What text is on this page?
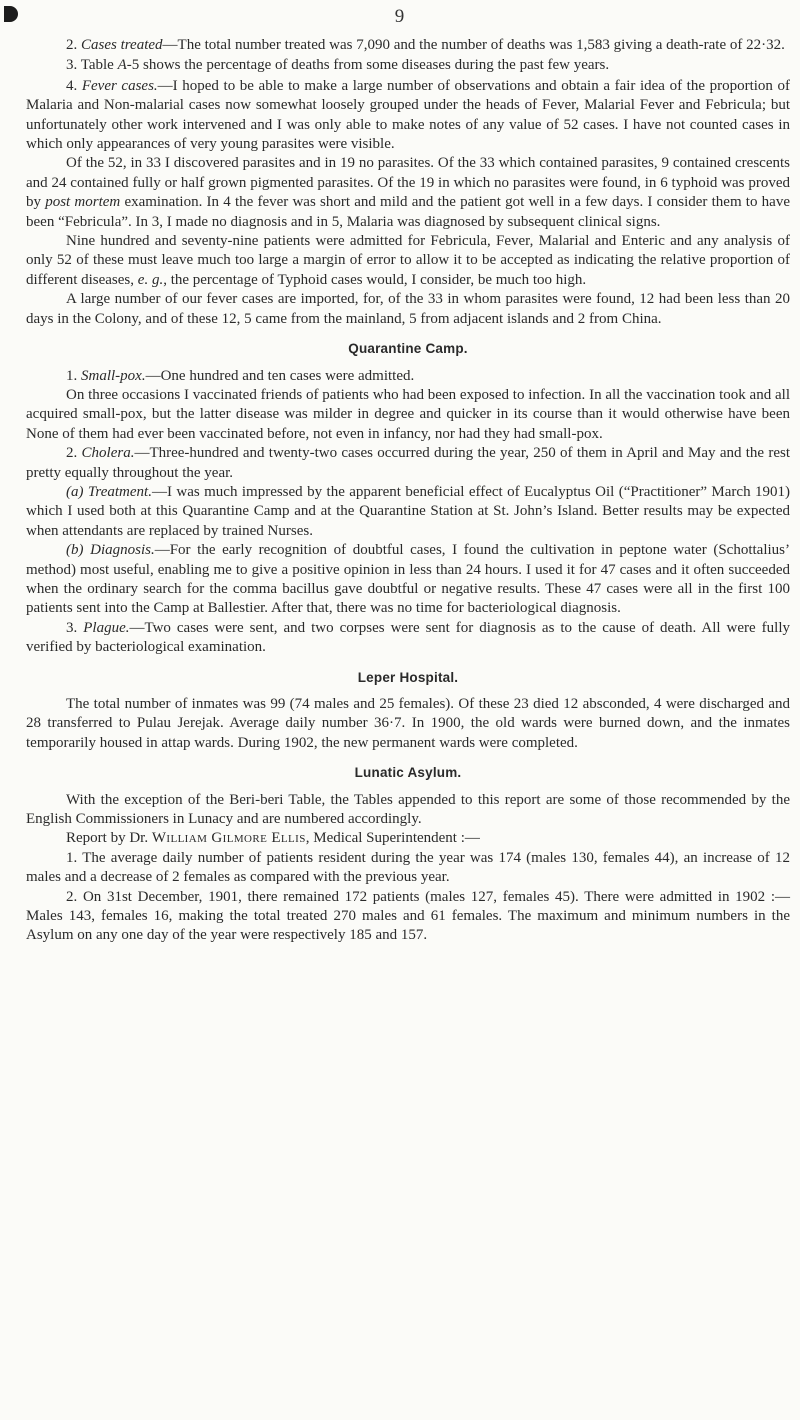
9

2. Cases treated—The total number treated was 7,090 and the number of deaths was 1,583 giving a death-rate of 22·32.

3. Table A-5 shows the percentage of deaths from some diseases during the past few years.

4. Fever cases.—I hoped to be able to make a large number of observations and obtain a fair idea of the proportion of Malaria and Non-malarial cases now somewhat loosely grouped under the heads of Fever, Malarial Fever and Febricula; but unfortunately other work intervened and I was only able to make notes of any value of 52 cases. I have not counted cases in which only appearances of very young parasites were visible.

Of the 52, in 33 I discovered parasites and in 19 no parasites. Of the 33 which contained parasites, 9 contained crescents and 24 contained fully or half grown pigmented parasites. Of the 19 in which no parasites were found, in 6 typhoid was proved by post mortem examination. In 4 the fever was short and mild and the patient got well in a few days. I consider them to have been “Febricula”. In 3, I made no diagnosis and in 5, Malaria was diagnosed by subsequent clinical signs.

Nine hundred and seventy-nine patients were admitted for Febricula, Fever, Malarial and Enteric and any analysis of only 52 of these must leave much too large a margin of error to allow it to be accepted as indicating the relative proportion of different diseases, e. g., the percentage of Typhoid cases would, I consider, be much too high.

A large number of our fever cases are imported, for, of the 33 in whom parasites were found, 12 had been less than 20 days in the Colony, and of these 12, 5 came from the mainland, 5 from adjacent islands and 2 from China.

Quarantine Camp.

1. Small-pox.—One hundred and ten cases were admitted.

On three occasions I vaccinated friends of patients who had been exposed to infection. In all the vaccination took and all acquired small-pox, but the latter disease was milder in degree and quicker in its course than it would otherwise have been None of them had ever been vaccinated before, not even in infancy, nor had they had small-pox.

2. Cholera.—Three-hundred and twenty-two cases occurred during the year, 250 of them in April and May and the rest pretty equally throughout the year.

(a) Treatment.—I was much impressed by the apparent beneficial effect of Eucalyptus Oil (“Practitioner” March 1901) which I used both at this Quarantine Camp and at the Quarantine Station at St. John’s Island. Better results may be expected when attendants are replaced by trained Nurses.

(b) Diagnosis.—For the early recognition of doubtful cases, I found the cultivation in peptone water (Schottalius’ method) most useful, enabling me to give a positive opinion in less than 24 hours. I used it for 47 cases and it often succeeded when the ordinary search for the comma bacillus gave doubtful or negative results. These 47 cases were all in the first 100 patients sent into the Camp at Ballestier. After that, there was no time for bacteriological diagnosis.

3. Plague.—Two cases were sent, and two corpses were sent for diagnosis as to the cause of death. All were fully verified by bacteriological examination.

Leper Hospital.

The total number of inmates was 99 (74 males and 25 females). Of these 23 died 12 absconded, 4 were discharged and 28 transferred to Pulau Jerejak. Average daily number 36·7. In 1900, the old wards were burned down, and the inmates temporarily housed in attap wards. During 1902, the new permanent wards were completed.

Lunatic Asylum.

With the exception of the Beri-beri Table, the Tables appended to this report are some of those recommended by the English Commissioners in Lunacy and are numbered accordingly.

Report by Dr. William Gilmore Ellis, Medical Superintendent :—

1. The average daily number of patients resident during the year was 174 (males 130, females 44), an increase of 12 males and a decrease of 2 females as compared with the previous year.

2. On 31st December, 1901, there remained 172 patients (males 127, females 45). There were admitted in 1902 :—Males 143, females 16, making the total treated 270 males and 61 females. The maximum and minimum numbers in the Asylum on any one day of the year were respectively 185 and 157.
